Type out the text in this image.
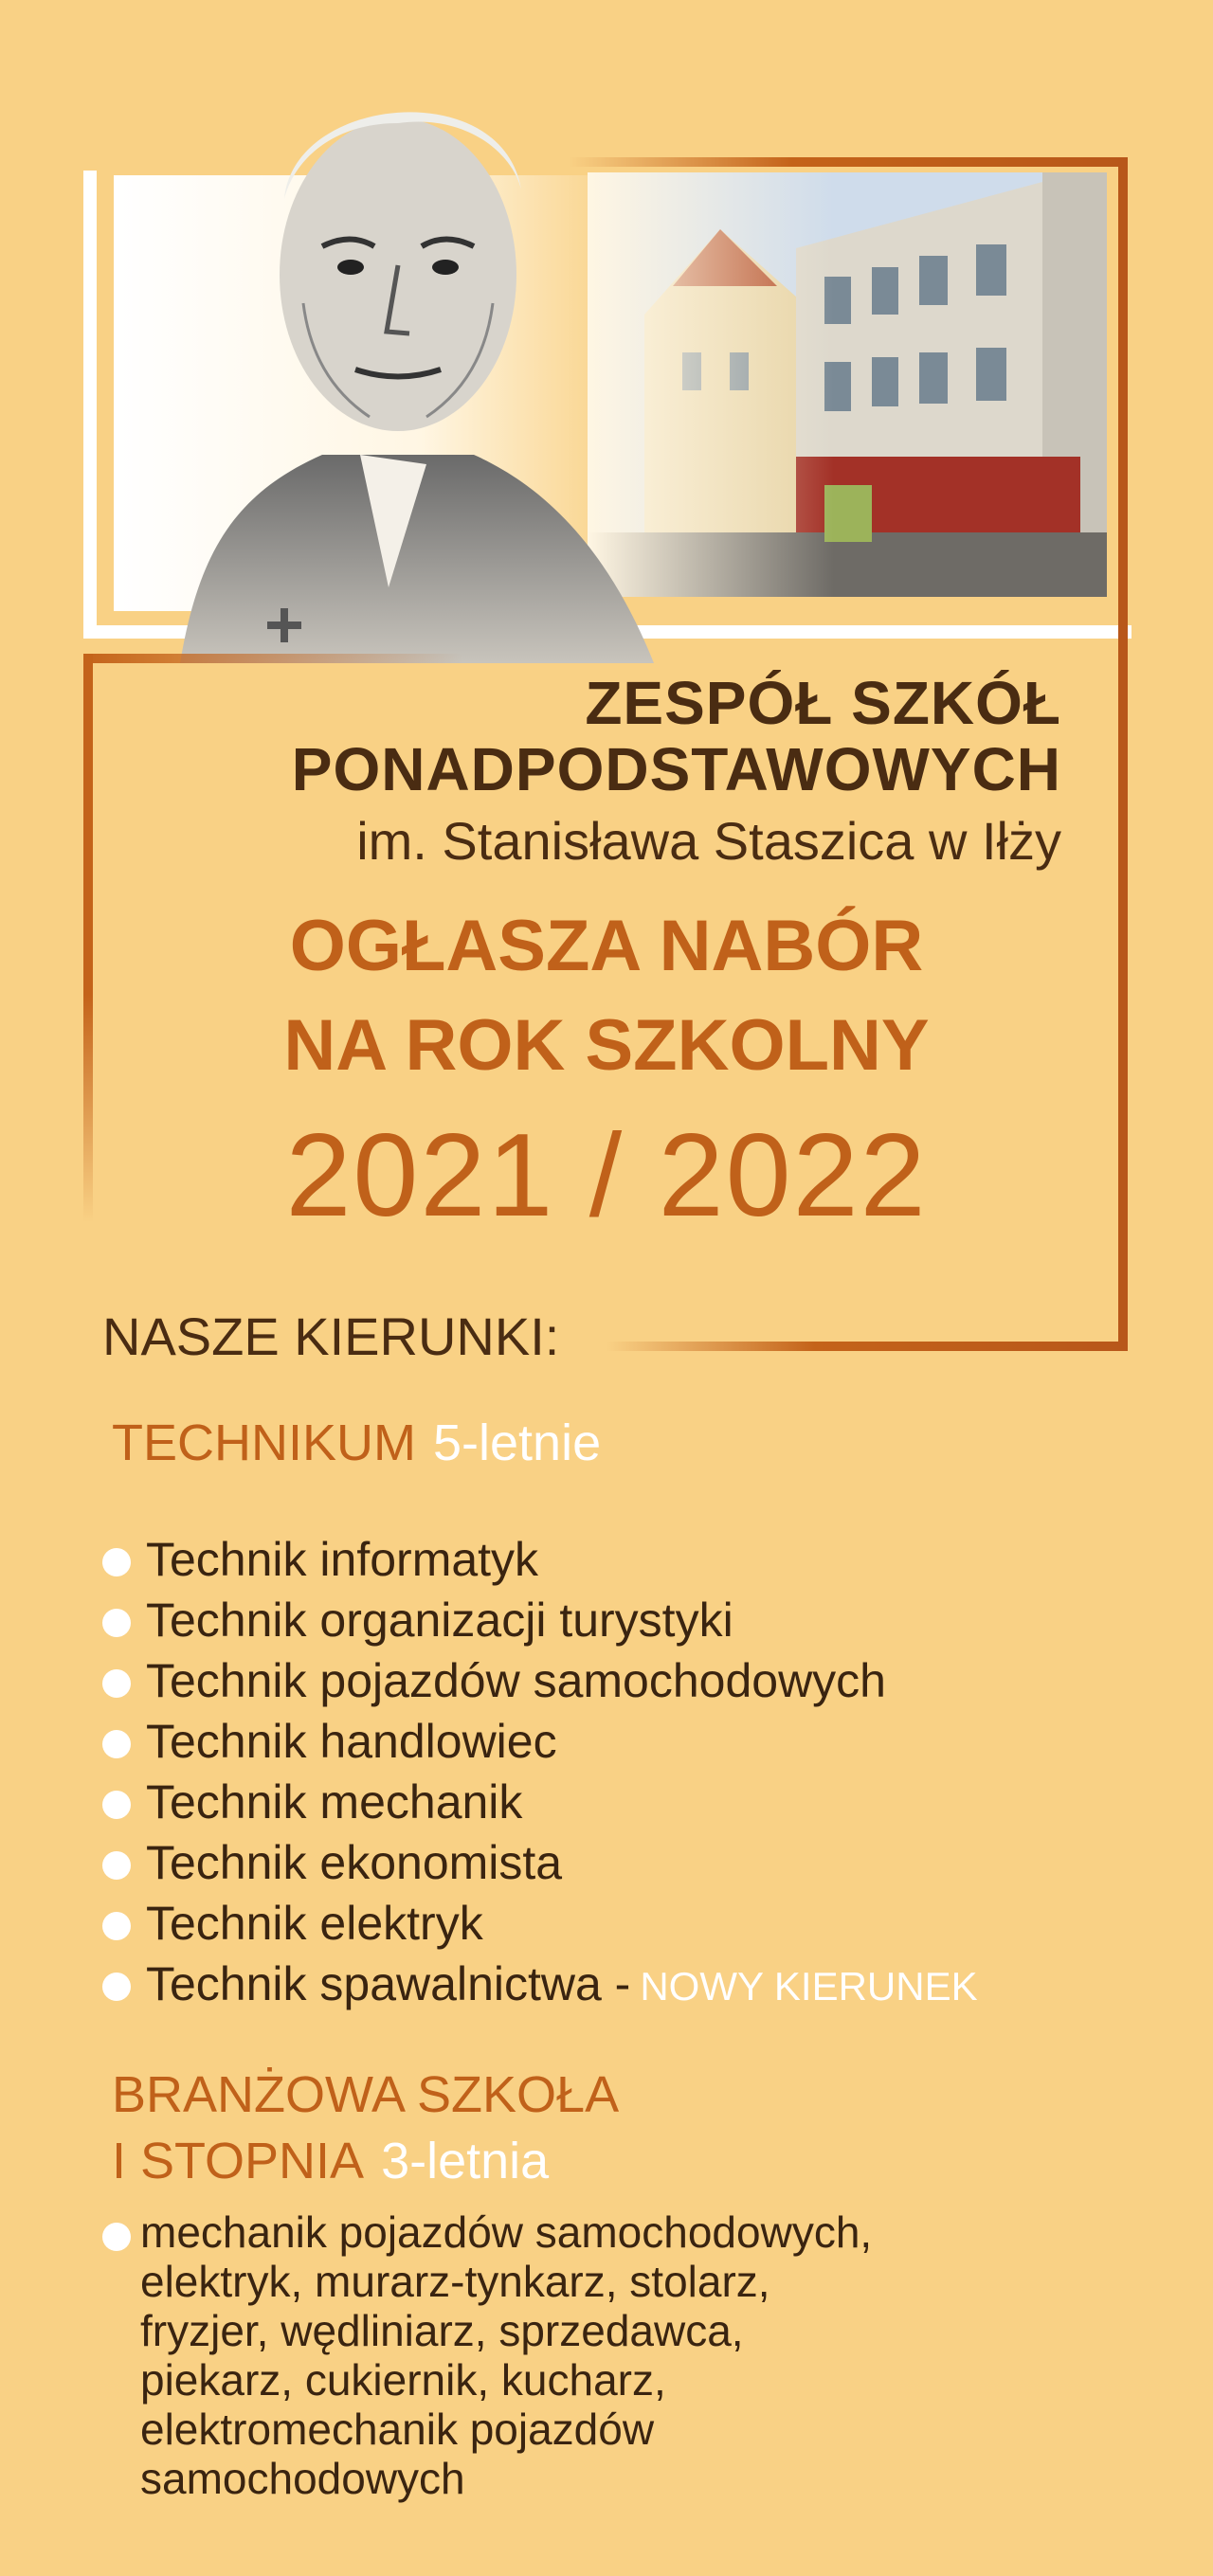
ZESPÓŁ SZKÓŁ
PONADPODSTAWOWYCH
im. Stanisława Staszica w Iłży
OGŁASZA NABÓR
NA ROK SZKOLNY
2021 / 2022
NASZE KIERUNKI:
TECHNIKUM 5-letnie
Technik informatyk
Technik organizacji turystyki
Technik pojazdów samochodowych
Technik handlowiec
Technik mechanik
Technik ekonomista
Technik elektryk
Technik spawalnictwa - NOWY KIERUNEK
BRANŻOWA SZKOŁA
I STOPNIA 3-letnia
mechanik pojazdów samochodowych,
elektryk, murarz-tynkarz, stolarz,
fryzjer, wędliniarz, sprzedawca,
piekarz, cukiernik, kucharz,
elektromechanik pojazdów
samochodowych
